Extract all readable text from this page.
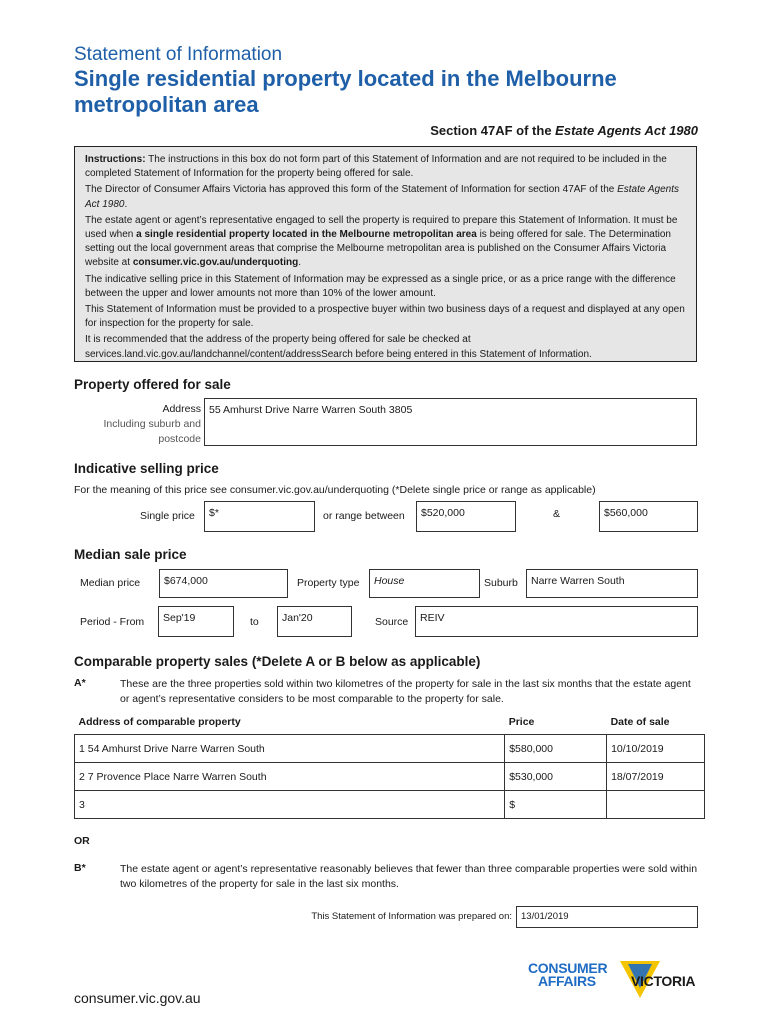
Statement of Information
Single residential property located in the Melbourne
metropolitan area
Section 47AF of the Estate Agents Act 1980

Instructions: The instructions in this box do not form part of this Statement of Information and are not required to be included in the completed Statement of Information for the property being offered for sale.

The Director of Consumer Affairs Victoria has approved this form of the Statement of Information for section 47AF of the Estate Agents Act 1980.

The estate agent or agent’s representative engaged to sell the property is required to prepare this Statement of Information. It must be used when a single residential property located in the Melbourne metropolitan area is being offered for sale. The Determination setting out the local government areas that comprise the Melbourne metropolitan area is published on the Consumer Affairs Victoria website at consumer.vic.gov.au/underquoting.

The indicative selling price in this Statement of Information may be expressed as a single price, or as a price range with the difference between the upper and lower amounts not more than 10% of the lower amount.

This Statement of Information must be provided to a prospective buyer within two business days of a request and displayed at any open for inspection for the property for sale.

It is recommended that the address of the property being offered for sale be checked at services.land.vic.gov.au/landchannel/content/addressSearch before being entered in this Statement of Information.

Property offered for sale
Address
Including suburb and
postcode
55 Amhurst Drive Narre Warren South 3805
Indicative selling price
For the meaning of this price see consumer.vic.gov.au/underquoting (*Delete single price or range as applicable)
Single price	$*	or range between	$520,000	&	$560,000
Median sale price
Median price	$674,000	Property type	House	Suburb	Narre Warren South
Period - From	Sep'19	to	Jan'20	Source	REIV
Comparable property sales (*Delete A or B below as applicable)
A*	These are the three properties sold within two kilometres of the property for sale in the last six months that the estate agent or agent’s representative considers to be most comparable to the property for sale.
Address of comparable property	Price	Date of sale
1 54 Amhurst Drive Narre Warren South	$580,000	10/10/2019
2 7 Provence Place Narre Warren South	$530,000	18/07/2019
3	$	
OR
B*	The estate agent or agent’s representative reasonably believes that fewer than three comparable properties were sold within two kilometres of the property for sale in the last six months.
This Statement of Information was prepared on: 13/01/2019
CONSUMER
AFFAIRS	VICTORIA
consumer.vic.gov.au
